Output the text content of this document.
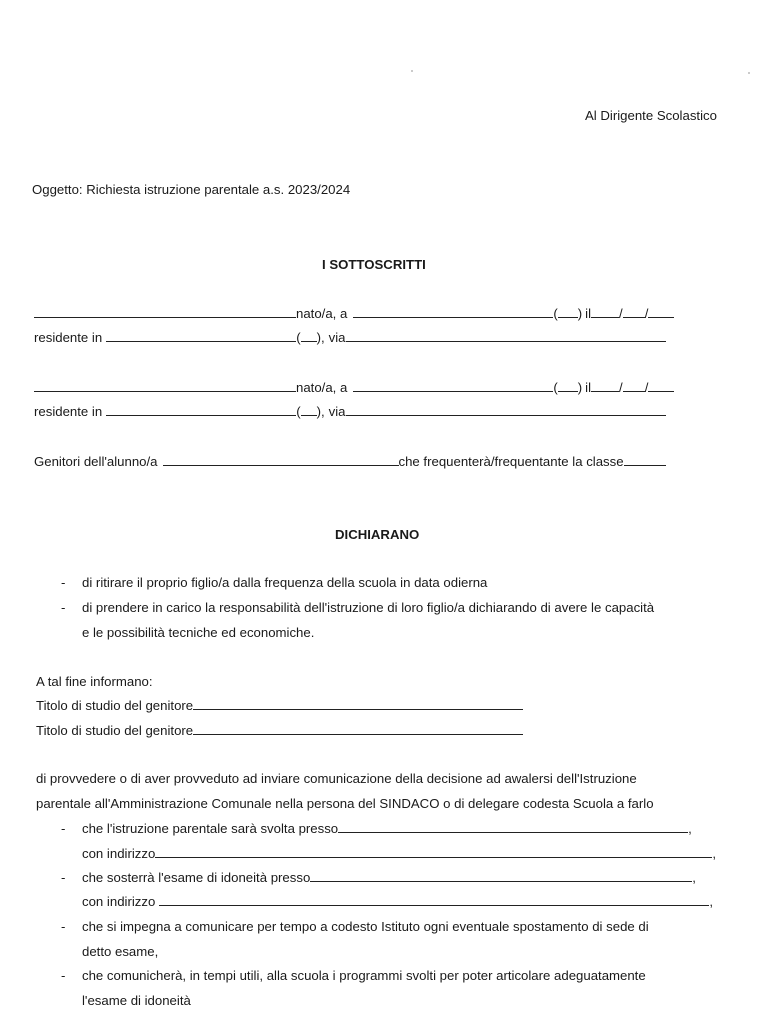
Al Dirigente Scolastico
Oggetto: Richiesta istruzione parentale a.s. 2023/2024
I SOTTOSCRITTI
nato/a, a	( ) il / /
residente in	( ), via
nato/a, a	( ) il / /
residente in	( ), via
Genitori dell'alunno/a	che frequenterà/frequentante la classe
DICHIARANO
- di ritirare il proprio figlio/a dalla frequenza della scuola in data odierna
- di prendere in carico la responsabilità dell'istruzione di loro figlio/a dichiarando di avere le capacità
e le possibilità tecniche ed economiche.
A tal fine informano:
Titolo di studio del genitore
Titolo di studio del genitore
di provvedere o di aver provveduto ad inviare comunicazione della decisione ad awalersi dell'Istruzione
parentale all'Amministrazione Comunale nella persona del SINDACO o di delegare codesta Scuola a farlo
- che l'istruzione parentale sarà svolta presso	,
con indirizzo	,
- che sosterrà l'esame di idoneità presso	,
con indirizzo	,
- che si impegna a comunicare per tempo a codesto Istituto ogni eventuale spostamento di sede di
detto esame,
- che comunicherà, in tempi utili, alla scuola i programmi svolti per poter articolare adeguatamente
l'esame di idoneità
